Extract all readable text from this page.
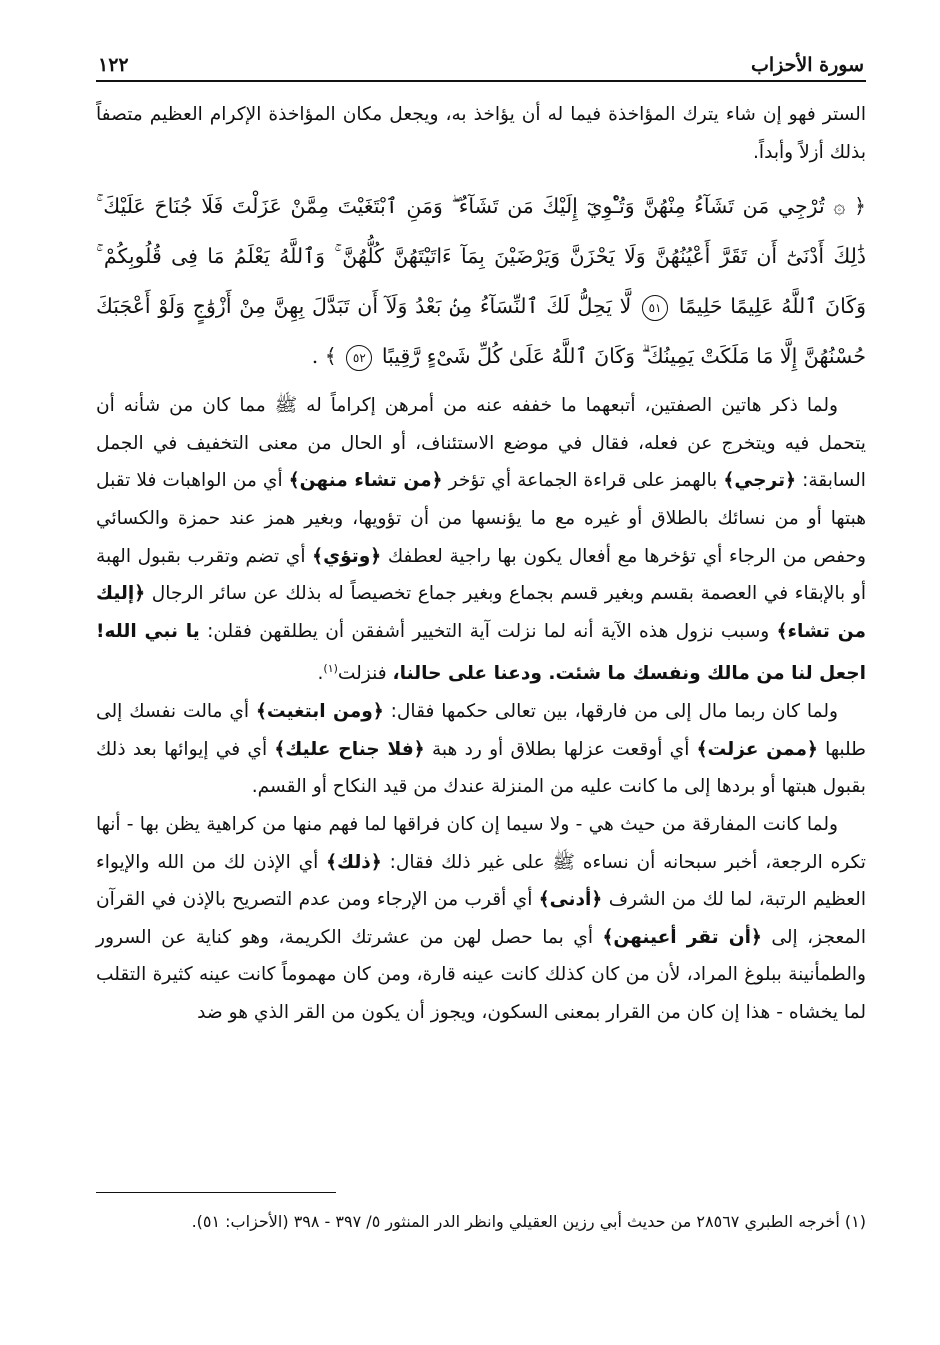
سورة الأحزاب
١٢٢

الستر فهو إن شاء يترك المؤاخذة فيما له أن يؤاخذ به، ويجعل مكان المؤاخذة الإكرام العظيم متصفاً بذلك أزلاً وأبداً.

﴿ ۞ تُرْجِي مَن تَشَآءُ مِنْهُنَّ وَتُـْٔوِيٓ إِلَيْكَ مَن تَشَآءُ ۖ وَمَنِ ٱبْتَغَيْتَ مِمَّنْ عَزَلْتَ فَلَا جُنَاحَ عَلَيْكَ ۚ ذَٰلِكَ أَدْنَىٰٓ أَن تَقَرَّ أَعْيُنُهُنَّ وَلَا يَحْزَنَّ وَيَرْضَيْنَ بِمَآ ءَاتَيْتَهُنَّ كُلُّهُنَّ ۚ وَٱللَّهُ يَعْلَمُ مَا فِى قُلُوبِكُمْ ۚ وَكَانَ ٱللَّهُ عَلِيمًا حَلِيمًا ٥١ لَّا يَحِلُّ لَكَ ٱلنِّسَآءُ مِنۢ بَعْدُ وَلَآ أَن تَبَدَّلَ بِهِنَّ مِنْ أَزْوَٰجٍ وَلَوْ أَعْجَبَكَ حُسْنُهُنَّ إِلَّا مَا مَلَكَتْ يَمِينُكَ ۗ وَكَانَ ٱللَّهُ عَلَىٰ كُلِّ شَىْءٍ رَّقِيبًا ٥٢ ﴾ .

ولما ذكر هاتين الصفتين، أتبعهما ما خففه عنه من أمرهن إكراماً له ﷺ مما كان من شأنه أن يتحمل فيه ويتخرج عن فعله، فقال في موضع الاستئناف، أو الحال من معنى التخفيف في الجمل السابقة: ﴿ترجي﴾ بالهمز على قراءة الجماعة أي تؤخر ﴿من تشاء منهن﴾ أي من الواهبات فلا تقبل هبتها أو من نسائك بالطلاق أو غيره مع ما يؤنسها من أن تؤويها، وبغير همز عند حمزة والكسائي وحفص من الرجاء أي تؤخرها مع أفعال يكون بها راجية لعطفك ﴿وتؤي﴾ أي تضم وتقرب بقبول الهبة أو بالإبقاء في العصمة بقسم وبغير قسم بجماع وبغير جماع تخصيصاً له بذلك عن سائر الرجال ﴿إليك من تشاء﴾ وسبب نزول هذه الآية أنه لما نزلت آية التخيير أشفقن أن يطلقهن فقلن: يا نبي الله! اجعل لنا من مالك ونفسك ما شئت. ودعنا على حالنا، فنزلت$^{(١)}$.

ولما كان ربما مال إلى من فارقها، بين تعالى حكمها فقال: ﴿ومن ابتغيت﴾ أي مالت نفسك إلى طلبها ﴿ممن عزلت﴾ أي أوقعت عزلها بطلاق أو رد هبة ﴿فلا جناح عليك﴾ أي في إيوائها بعد ذلك بقبول هبتها أو بردها إلى ما كانت عليه من المنزلة عندك من قيد النكاح أو القسم.

ولما كانت المفارقة من حيث هي - ولا سيما إن كان فراقها لما فهم منها من كراهية يظن بها - أنها تكره الرجعة، أخبر سبحانه أن نساءه ﷺ على غير ذلك فقال: ﴿ذلك﴾ أي الإذن لك من الله والإيواء العظيم الرتبة، لما لك من الشرف ﴿أدنى﴾ أي أقرب من الإرجاء ومن عدم التصريح بالإذن في القرآن المعجز، إلى ﴿أن تقر أعينهن﴾ أي بما حصل لهن من عشرتك الكريمة، وهو كناية عن السرور والطمأنينة ببلوغ المراد، لأن من كان كذلك كانت عينه قارة، ومن كان مهموماً كانت عينه كثيرة التقلب لما يخشاه - هذا إن كان من القرار بمعنى السكون، ويجوز أن يكون من القر الذي هو ضد

(١) أخرجه الطبري ٢٨٥٦٧ من حديث أبي رزين العقيلي وانظر الدر المنثور ٥/ ٣٩٧ - ٣٩٨ (الأحزاب: ٥١).
